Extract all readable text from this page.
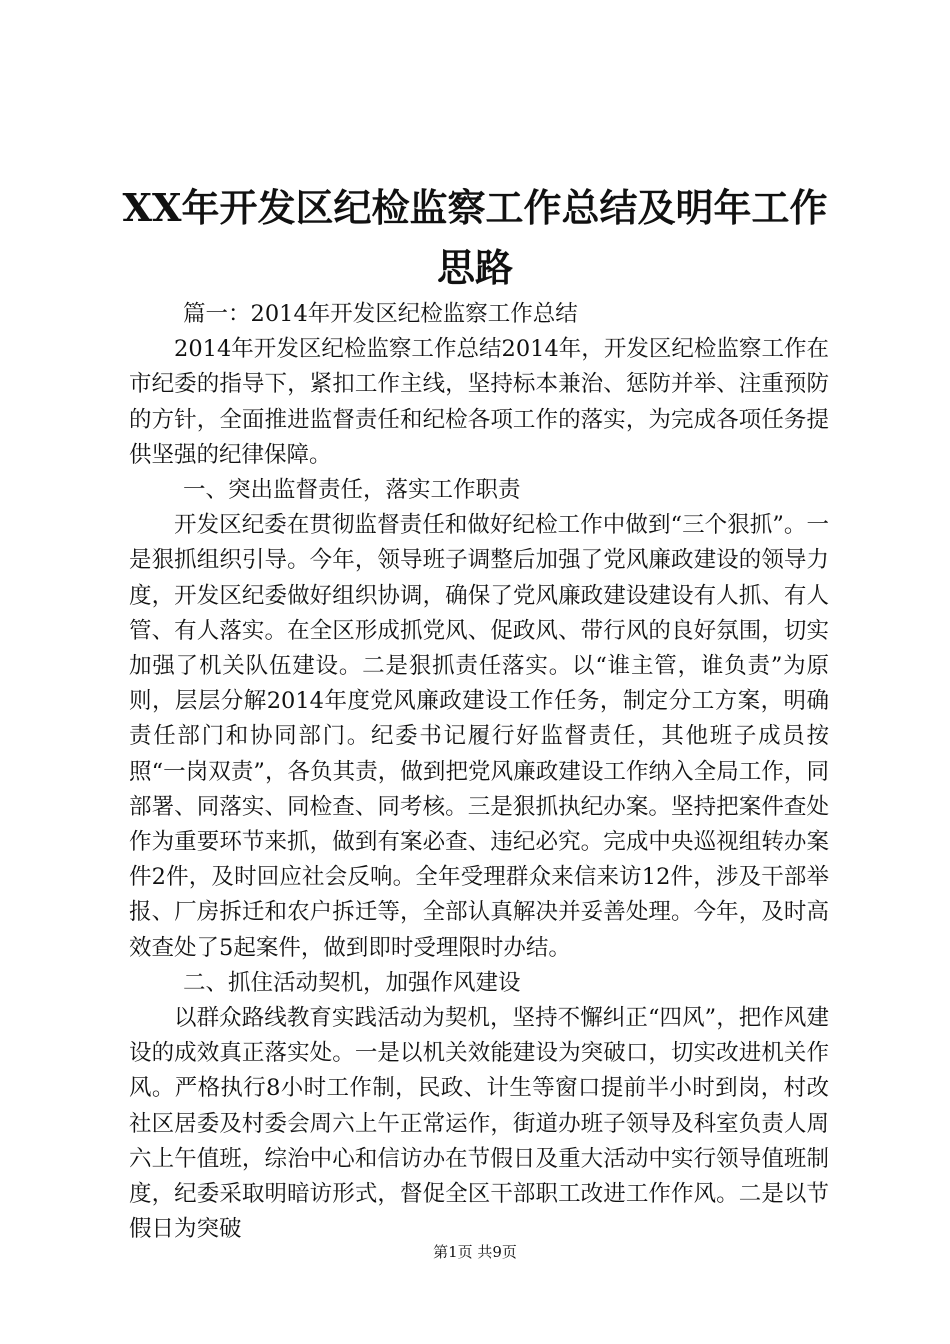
XX年开发区纪检监察工作总结及明年工作思路

篇一：2014年开发区纪检监察工作总结

2014年开发区纪检监察工作总结2014年，开发区纪检监察工作在市纪委的指导下，紧扣工作主线，坚持标本兼治、惩防并举、注重预防的方针，全面推进监督责任和纪检各项工作的落实，为完成各项任务提供坚强的纪律保障。

一、突出监督责任，落实工作职责

开发区纪委在贯彻监督责任和做好纪检工作中做到“三个狠抓”。一是狠抓组织引导。今年，领导班子调整后加强了党风廉政建设的领导力度，开发区纪委做好组织协调，确保了党风廉政建设建设有人抓、有人管、有人落实。在全区形成抓党风、促政风、带行风的良好氛围，切实加强了机关队伍建设。二是狠抓责任落实。以“谁主管，谁负责”为原则，层层分解2014年度党风廉政建设工作任务，制定分工方案，明确责任部门和协同部门。纪委书记履行好监督责任，其他班子成员按照“一岗双责”，各负其责，做到把党风廉政建设工作纳入全局工作，同部署、同落实、同检查、同考核。三是狠抓执纪办案。坚持把案件查处作为重要环节来抓，做到有案必查、违纪必究。完成中央巡视组转办案件2件，及时回应社会反响。全年受理群众来信来访12件，涉及干部举报、厂房拆迁和农户拆迁等，全部认真解决并妥善处理。今年，及时高效查处了5起案件，做到即时受理限时办结。

二、抓住活动契机，加强作风建设

以群众路线教育实践活动为契机，坚持不懈纠正“四风”，把作风建设的成效真正落实处。一是以机关效能建设为突破口，切实改进机关作风。严格执行8小时工作制，民政、计生等窗口提前半小时到岗，村改社区居委及村委会周六上午正常运作，街道办班子领导及科室负责人周六上午值班，综治中心和信访办在节假日及重大活动中实行领导值班制度，纪委采取明暗访形式，督促全区干部职工改进工作作风。二是以节假日为突破

第1页 共9页
